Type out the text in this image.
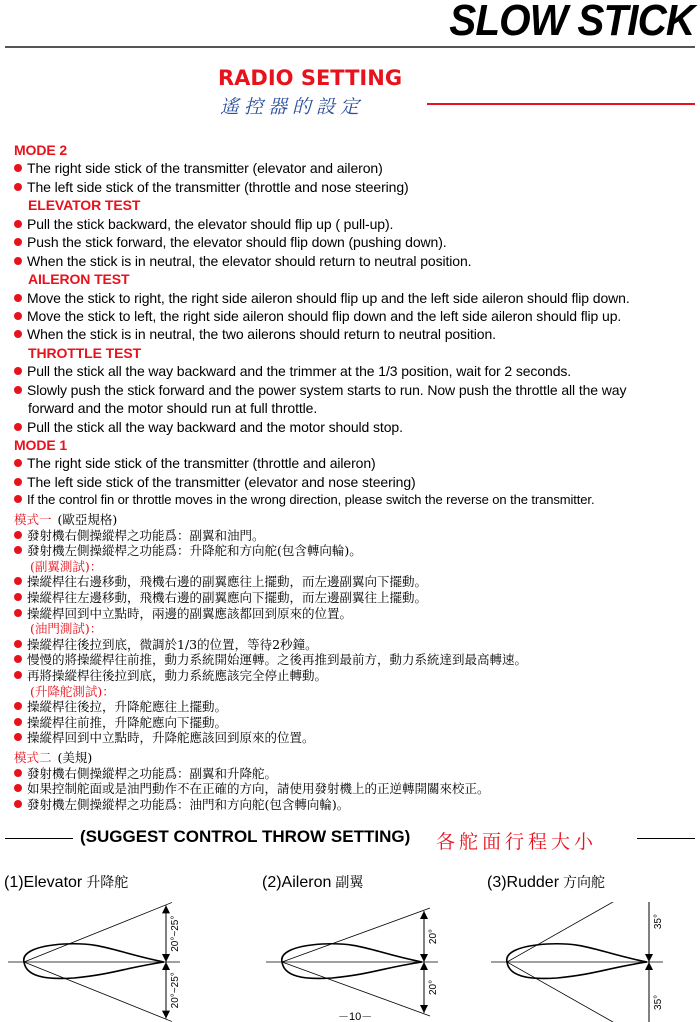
SLOW STICK
RADIO SETTING
遙控器的設定
MODE 2
The right side stick of the transmitter (elevator and aileron)
The left side stick of the transmitter (throttle and nose steering)
ELEVATOR TEST
Pull the stick backward, the elevator should flip up ( pull-up).
Push the stick forward, the elevator should flip down (pushing down).
When the stick is in neutral, the elevator should return to neutral position.
AILERON TEST
Move the stick to right, the right side aileron should flip up and the left side aileron should flip down.
Move the stick to left, the right side aileron should flip down and the left side aileron should flip up.
When the stick is in neutral, the two ailerons should return to neutral position.
THROTTLE TEST
Pull the stick all the way backward and the trimmer at the 1/3 position, wait for 2 seconds.
Slowly push the stick forward and the power system starts to run. Now push the throttle all the way
forward and the motor should run at full throttle.
Pull the stick all the way backward and the motor should stop.
MODE 1
The right side stick of the transmitter (throttle and aileron)
The left side stick of the transmitter (elevator and nose steering)
If the control fin or throttle moves in the wrong direction, please switch the reverse on the transmitter.
模式一 (歐亞規格)
發射機右側操縱桿之功能爲：副翼和油門。
發射機左側操縱桿之功能爲：升降舵和方向舵(包含轉向輪)。
(副翼測試)：
操縱桿往右邊移動，飛機右邊的副翼應往上擺動，而左邊副翼向下擺動。
操縱桿往左邊移動，飛機右邊的副翼應向下擺動，而左邊副翼往上擺動。
操縱桿回到中立點時，兩邊的副翼應該都回到原來的位置。
(油門測試)：
操縱桿往後拉到底，微調於1/3的位置，等待2秒鐘。
慢慢的將操縱桿往前推，動力系統開始運轉。之後再推到最前方，動力系統達到最高轉速。
再將操縱桿往後拉到底，動力系統應該完全停止轉動。
(升降舵測試)：
操縱桿往後拉，升降舵應往上擺動。
操縱桿往前推，升降舵應向下擺動。
操縱桿回到中立點時，升降舵應該回到原來的位置。
模式二 (美規)
發射機右側操縱桿之功能爲：副翼和升降舵。
如果控制舵面或是油門動作不在正確的方向，請使用發射機上的正逆轉開關來校正。
發射機左側操縱桿之功能爲：油門和方向舵(包含轉向輪)。
(SUGGEST CONTROL THROW SETTING) 各舵面行程大小
(1)Elevator 升降舵
20°~25°
20°~25°
(2)Aileron 副翼
20°
20°
(3)Rudder 方向舵
35°
35°
－10－
